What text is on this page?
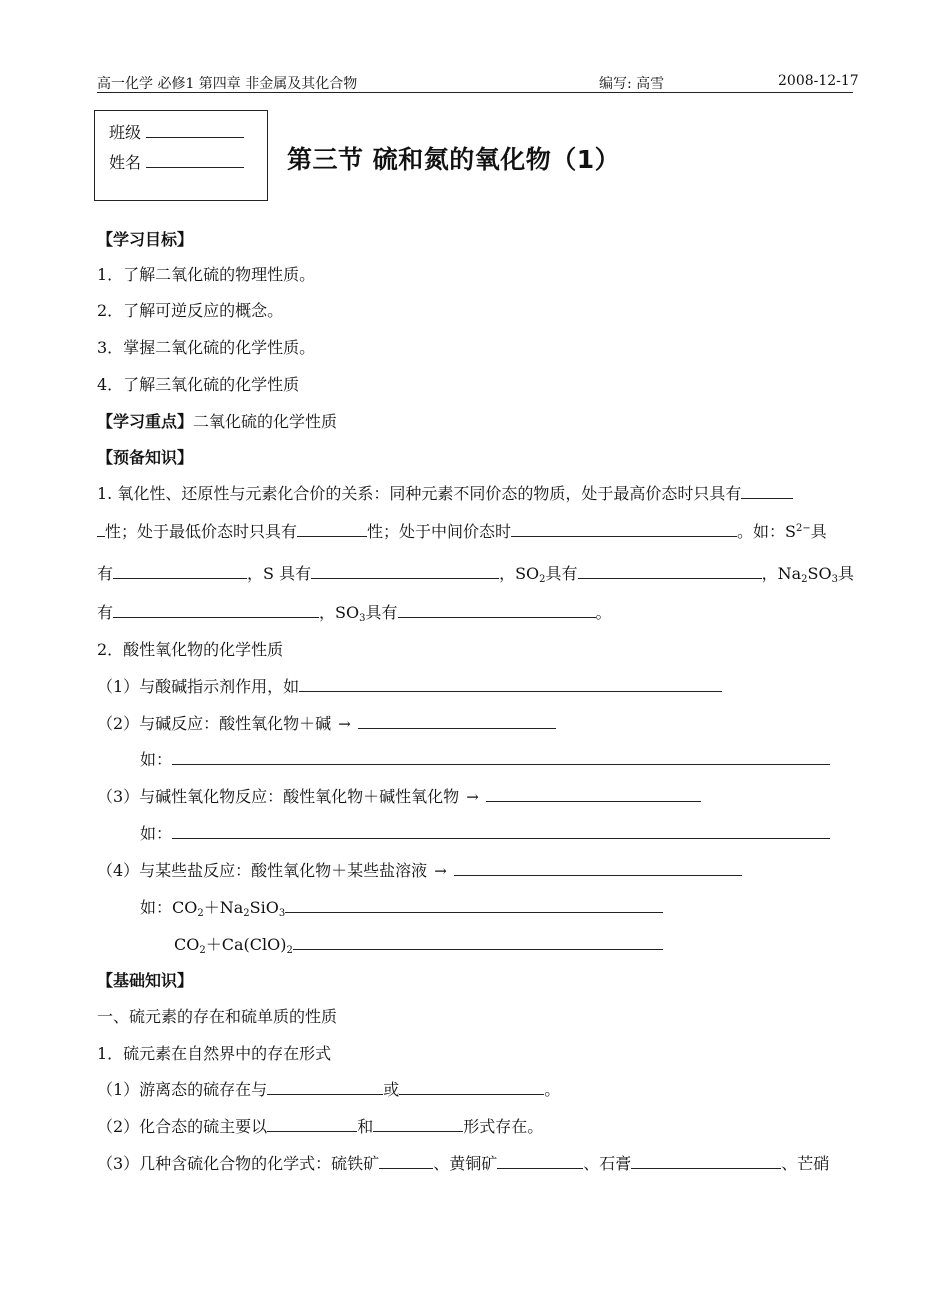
高一化学 必修1 第四章 非金属及其化合物	编写: 高雪	2008-12-17
班级
姓名	第三节 硫和氮的氧化物（1）
【学习目标】
1．了解二氧化硫的物理性质。
2．了解可逆反应的概念。
3．掌握二氧化硫的化学性质。
4．了解三氧化硫的化学性质
【学习重点】二氧化硫的化学性质
【预备知识】
1. 氧化性、还原性与元素化合价的关系：同种元素不同价态的物质，处于最高价态时只具有
性；处于最低价态时只具有	性；处于中间价态时	。如：$S^{2-}$具
有	，S 具有	，$SO_2$具有	，$Na_2SO_3$具
有	，$SO_3$具有	。
2．酸性氧化物的化学性质
（1）与酸碱指示剂作用，如
（2）与碱反应：酸性氧化物＋碱 →
如：
（3）与碱性氧化物反应：酸性氧化物＋碱性氧化物 →
如：
（4）与某些盐反应：酸性氧化物＋某些盐溶液 →
如：$CO_2+Na_2SiO_3$
$CO_2+Ca(ClO)_2$
【基础知识】
一、硫元素的存在和硫单质的性质
1．硫元素在自然界中的存在形式
（1）游离态的硫存在与	或	。
（2）化合态的硫主要以	和	形式存在。
（3）几种含硫化合物的化学式：硫铁矿	、黄铜矿	、石膏	、芒硝
